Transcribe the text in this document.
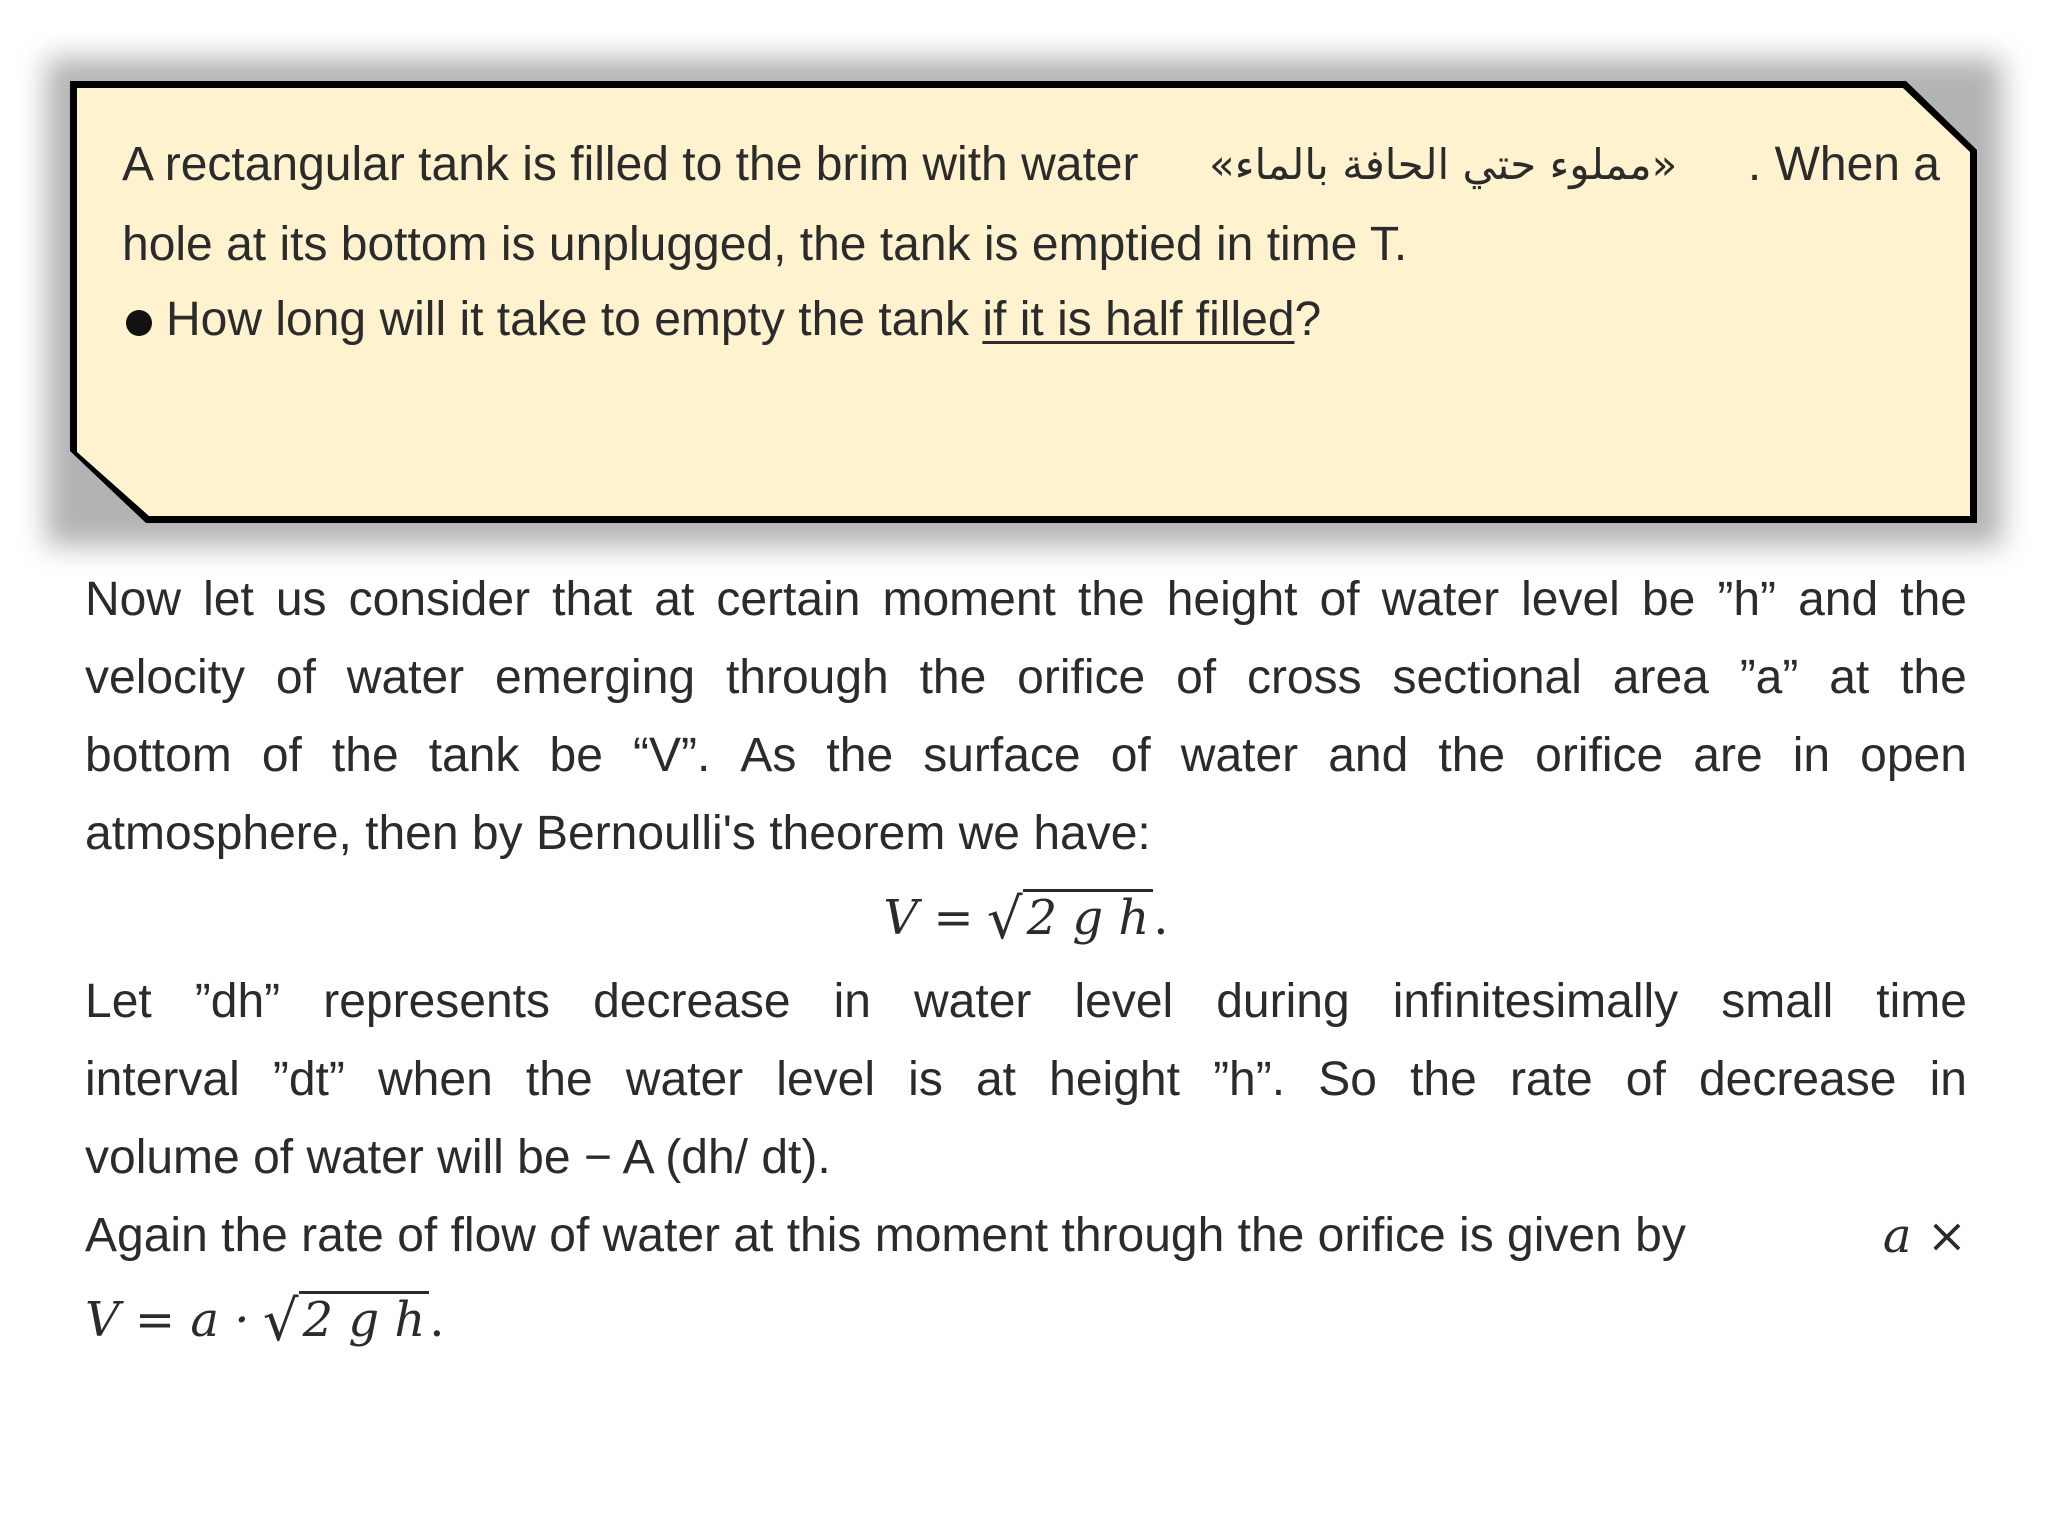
A rectangular tank is filled to the brim with water «مملوء حتي الحافة بالماء» . When a
hole at its bottom is unplugged, the tank is emptied in time T.
How long will it take to empty the tank if it is half filled?
Now let us consider that at certain moment the height of water level be ”h” and the
velocity of water emerging through the orifice of cross sectional area ”a” at the
bottom of the tank be “V”. As the surface of water and the orifice are in open
atmosphere, then by Bernoulli's theorem we have:
V = √2 g h.
Let ”dh” represents decrease in water level during infinitesimally small time
interval ”dt” when the water level is at height ”h”. So the rate of decrease in
volume of water will be − A (dh/ dt).
Again the rate of flow of water at this moment through the orifice is given by	a ×
V = a · √2 g h.
